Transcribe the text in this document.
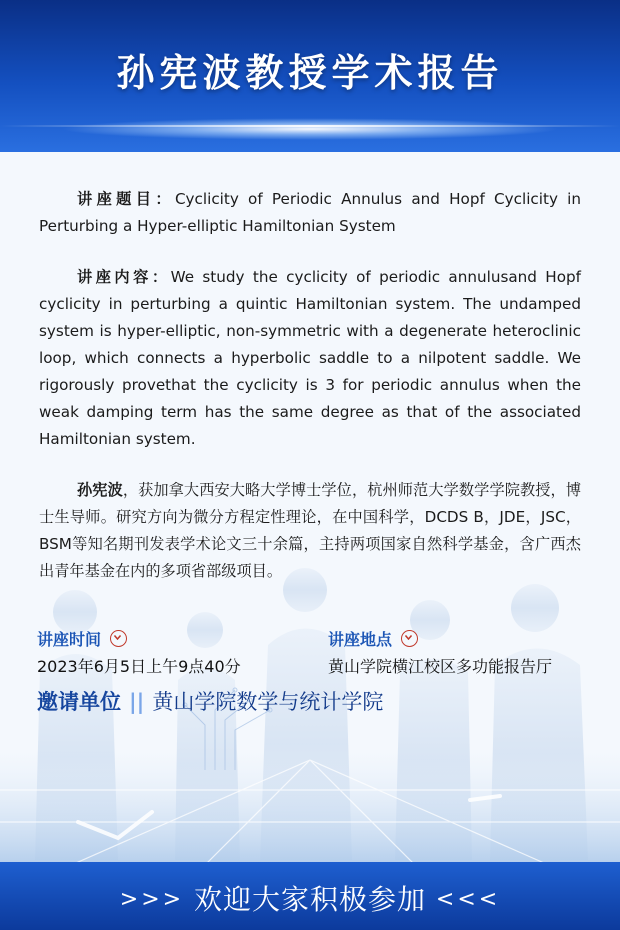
孙宪波教授学术报告

讲座题目：Cyclicity of Periodic Annulus and Hopf Cyclicity in Perturbing a Hyper-elliptic Hamiltonian System

讲座内容：We study the cyclicity of periodic annulusand Hopf cyclicity in perturbing a quintic Hamiltonian system. The undamped system is hyper-elliptic, non-symmetric with a degenerate heteroclinic loop, which connects a hyperbolic saddle to a nilpotent saddle. We rigorously provethat the cyclicity is 3 for periodic annulus when the weak damping term has the same degree as that of the associated Hamiltonian system.

孙宪波，获加拿大西安大略大学博士学位，杭州师范大学数学学院教授，博士生导师。研究方向为微分方程定性理论，在中国科学，DCDS B，JDE，JSC，BSM等知名期刊发表学术论文三十余篇，主持两项国家自然科学基金，含广西杰出青年基金在内的多项省部级项目。

讲座时间
2023年6月5日上午9点40分
讲座地点
黄山学院横江校区多功能报告厅
邀请单位 || 黄山学院数学与统计学院
>>> 欢迎大家积极参加 <<<
